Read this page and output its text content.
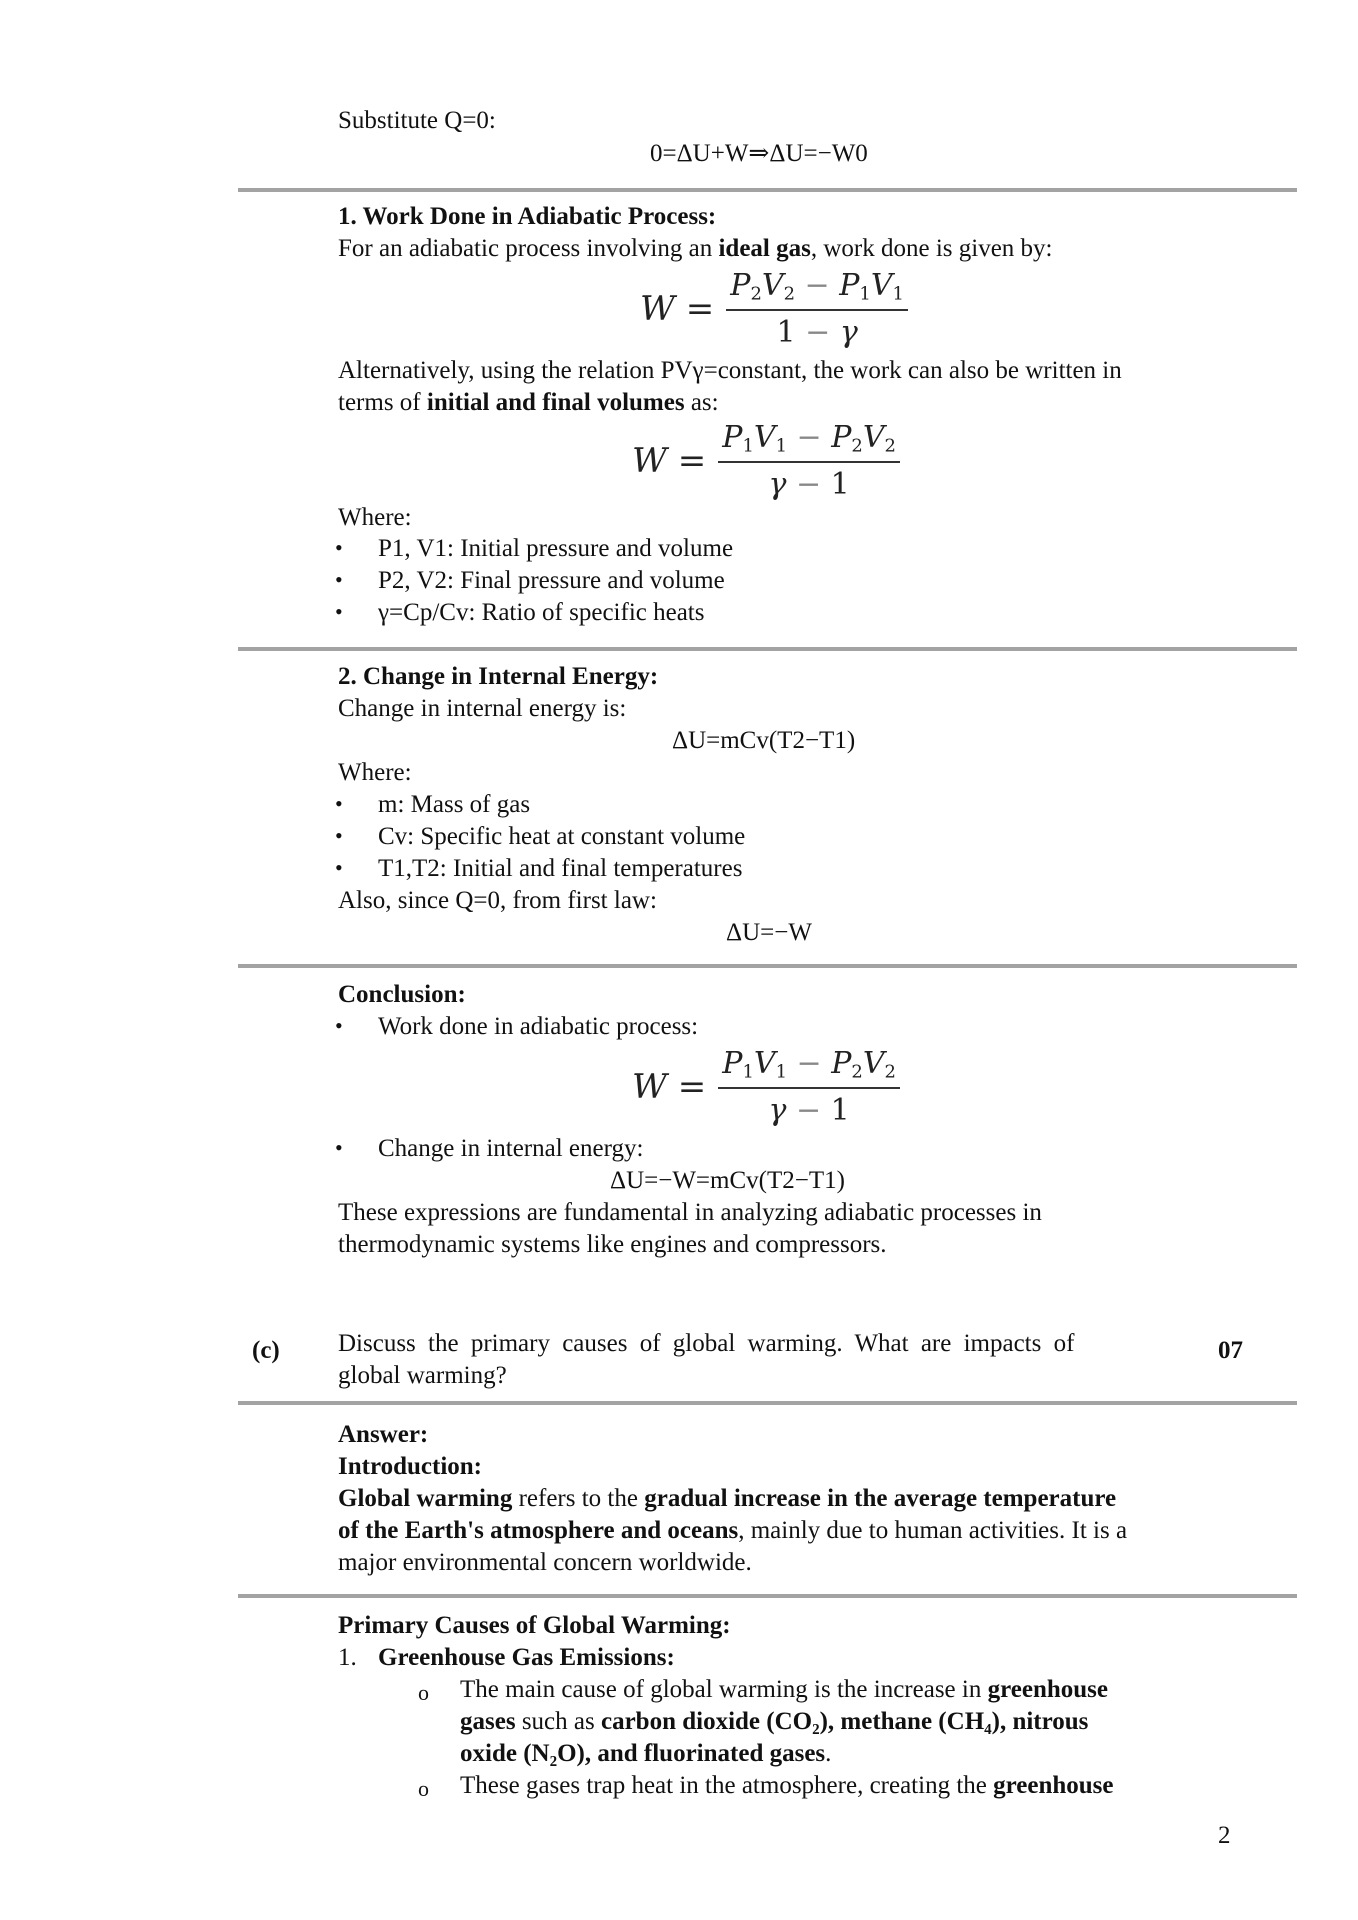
Substitute Q=0:
0=ΔU+W⇒ΔU=−W0
1. Work Done in Adiabatic Process:
For an adiabatic process involving an ideal gas, work done is given by:
$W = \frac{P_2V_2 - P_1V_1}{1 - \gamma}$
Alternatively, using the relation PVγ=constant, the work can also be written in
terms of initial and final volumes as:
$W = \frac{P_1V_1 - P_2V_2}{\gamma - 1}$
Where:
• P1, V1: Initial pressure and volume
• P2, V2: Final pressure and volume
• γ=Cp/Cv: Ratio of specific heats
2. Change in Internal Energy:
Change in internal energy is:
ΔU=mCv(T2−T1)
Where:
• m: Mass of gas
• Cv: Specific heat at constant volume
• T1,T2: Initial and final temperatures
Also, since Q=0, from first law:
ΔU=−W
Conclusion:
• Work done in adiabatic process:
$W = \frac{P_1V_1 - P_2V_2}{\gamma - 1}$
• Change in internal energy:
ΔU=−W=mCv(T2−T1)
These expressions are fundamental in analyzing adiabatic processes in
thermodynamic systems like engines and compressors.
(c) Discuss the primary causes of global warming. What are impacts of
global warming?
07
Answer:
Introduction:
Global warming refers to the gradual increase in the average temperature
of the Earth's atmosphere and oceans, mainly due to human activities. It is a
major environmental concern worldwide.
Primary Causes of Global Warming:
1. Greenhouse Gas Emissions:
o The main cause of global warming is the increase in greenhouse
gases such as carbon dioxide (CO₂), methane (CH₄), nitrous
oxide (N₂O), and fluorinated gases.
o These gases trap heat in the atmosphere, creating the greenhouse
2
